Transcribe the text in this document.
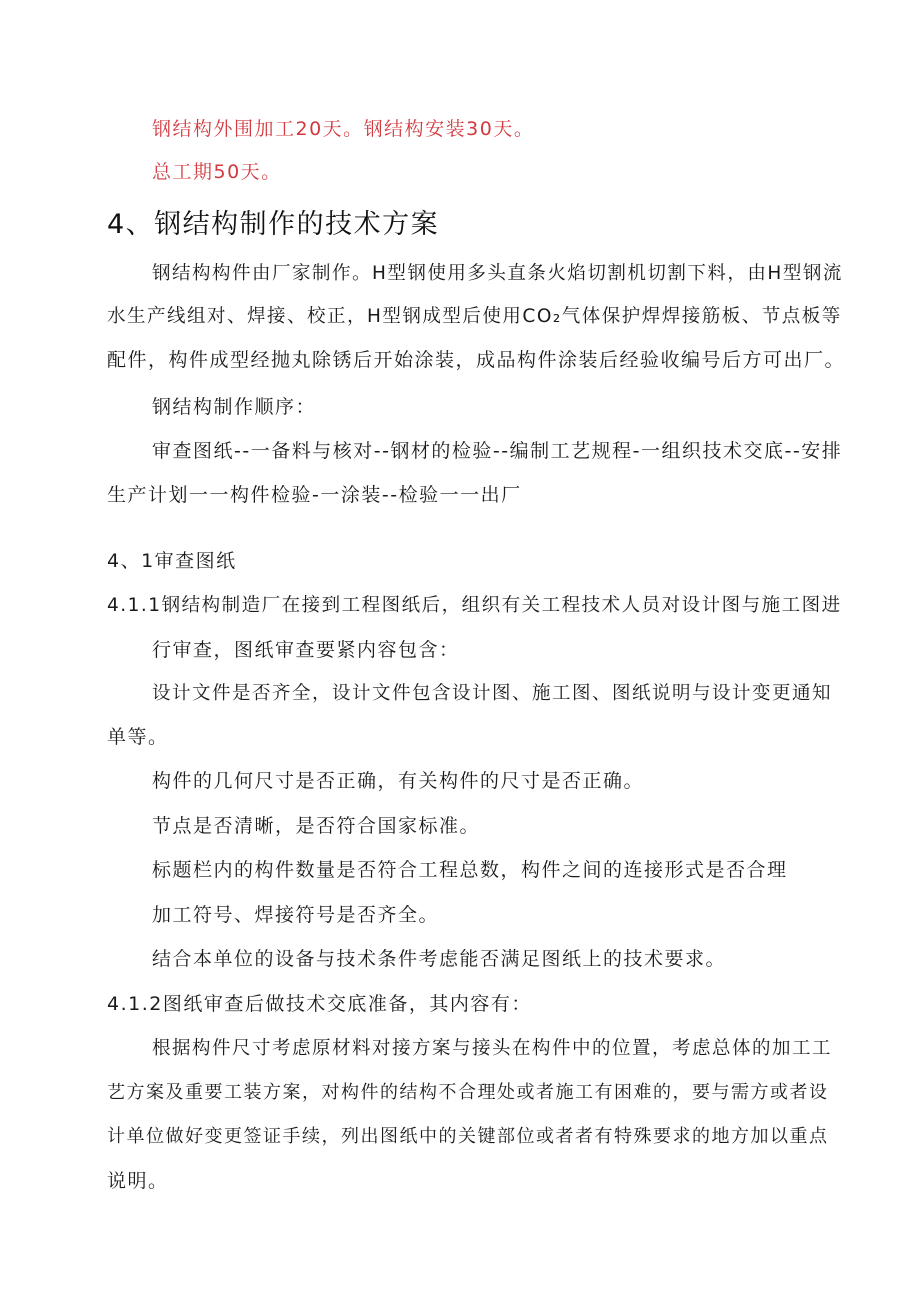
钢结构外围加工20天。钢结构安装30天。
总工期50天。
4、钢结构制作的技术方案
钢结构构件由厂家制作。H型钢使用多头直条火焰切割机切割下料，由H型钢流
水生产线组对、焊接、校正，H型钢成型后使用CO₂气体保护焊焊接筋板、节点板等
配件，构件成型经抛丸除锈后开始涂装，成品构件涂装后经验收编号后方可出厂。
钢结构制作顺序：
审查图纸--一备料与核对--钢材的检验--编制工艺规程-一组织技术交底--安排
生产计划一一构件检验-一涂装--检验一一出厂
4、1审查图纸
4.1.1钢结构制造厂在接到工程图纸后，组织有关工程技术人员对设计图与施工图进
行审查，图纸审查要紧内容包含：
设计文件是否齐全，设计文件包含设计图、施工图、图纸说明与设计变更通知
单等。
构件的几何尺寸是否正确，有关构件的尺寸是否正确。
节点是否清晰，是否符合国家标准。
标题栏内的构件数量是否符合工程总数，构件之间的连接形式是否合理
加工符号、焊接符号是否齐全。
结合本单位的设备与技术条件考虑能否满足图纸上的技术要求。
4.1.2图纸审查后做技术交底准备，其内容有：
根据构件尺寸考虑原材料对接方案与接头在构件中的位置，考虑总体的加工工
艺方案及重要工装方案，对构件的结构不合理处或者施工有困难的，要与需方或者设
计单位做好变更签证手续，列出图纸中的关键部位或者者有特殊要求的地方加以重点
说明。
